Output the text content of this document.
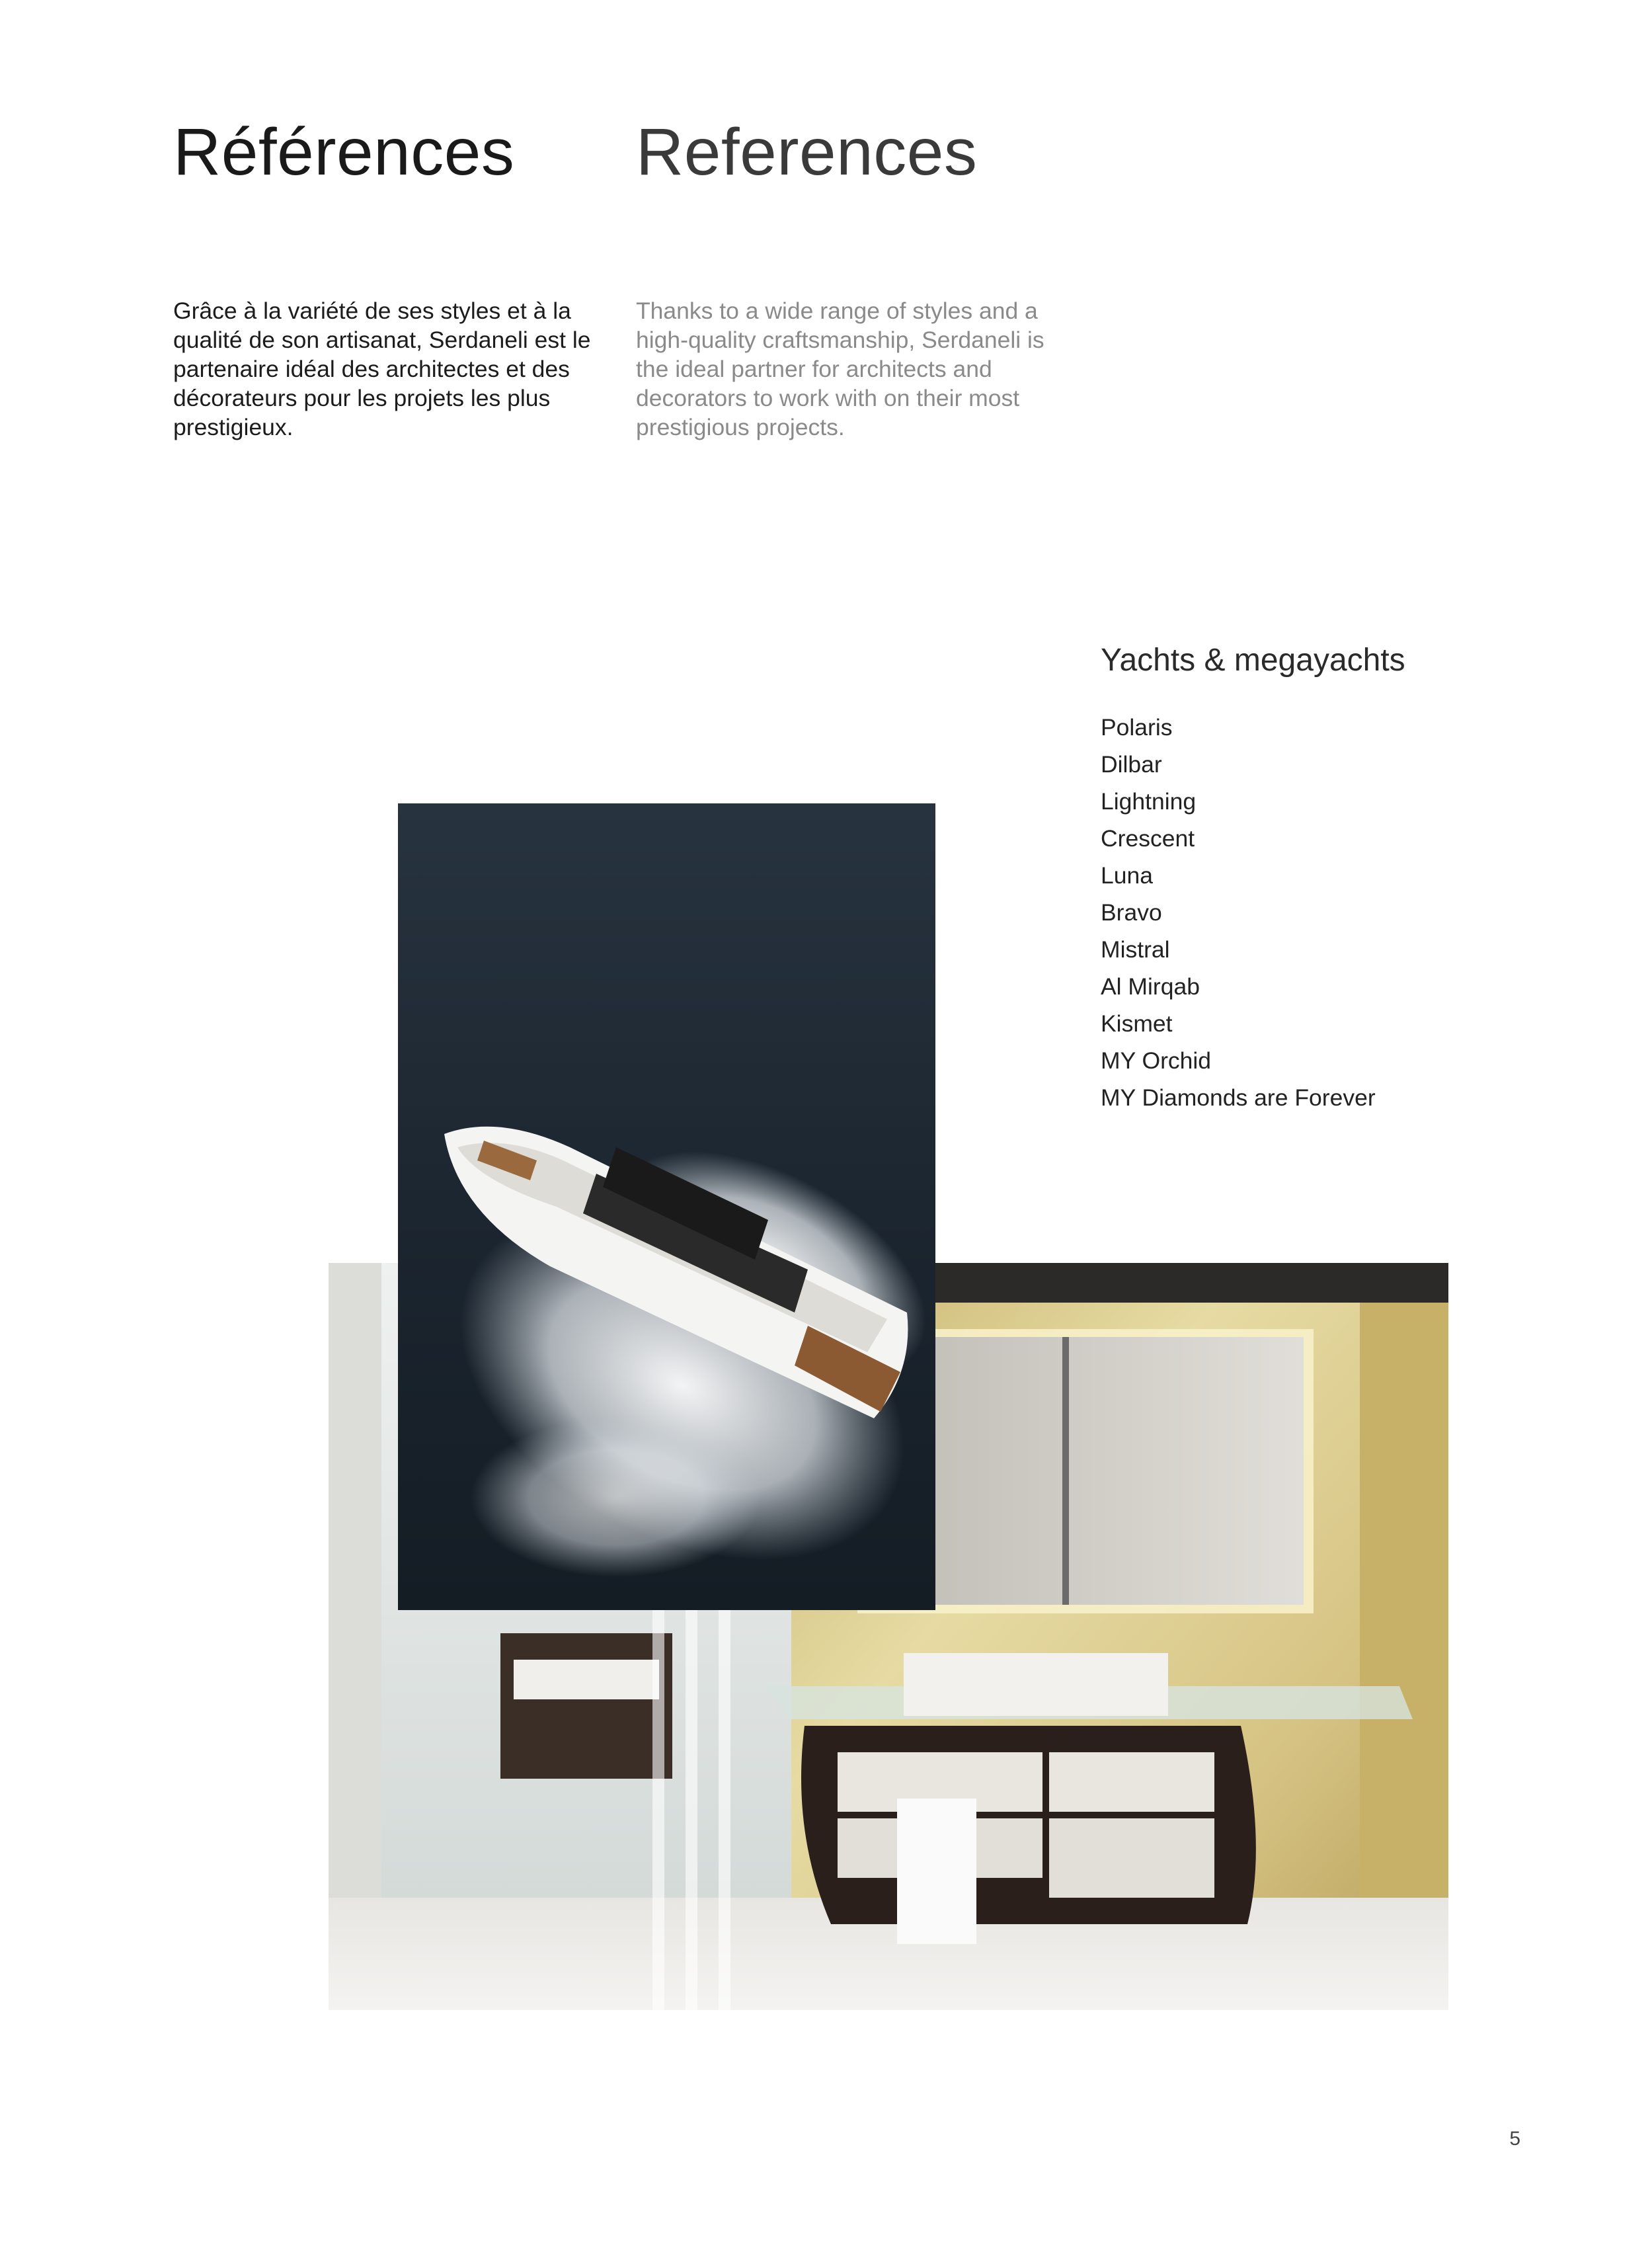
Références References

Grâce à la variété de ses styles et à la qualité de son artisanat, Serdaneli est le partenaire idéal des architectes et des décorateurs pour les projets les plus prestigieux.

Thanks to a wide range of styles and a high-quality craftsmanship, Serdaneli is the ideal partner for architects and decorators to work with on their most prestigious projects.

Yachts & megayachts
Polaris
Dilbar
Lightning
Crescent
Luna
Bravo
Mistral
Al Mirqab
Kismet
MY Orchid
MY Diamonds are Forever
5
